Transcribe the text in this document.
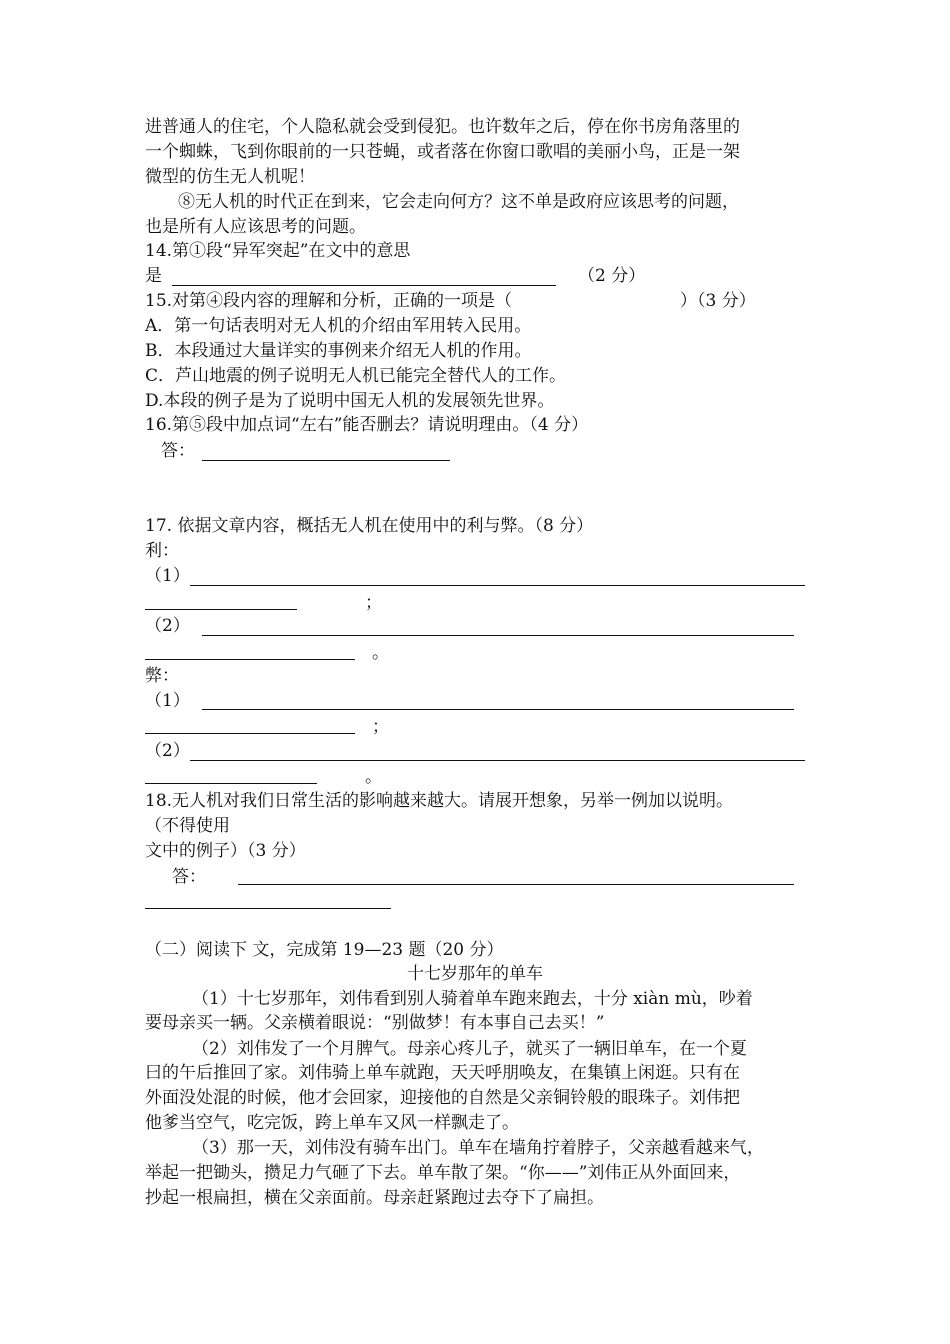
进普通人的住宅，个人隐私就会受到侵犯。也许数年之后，停在你书房角落里的
一个蜘蛛，飞到你眼前的一只苍蝇，或者落在你窗口歌唱的美丽小鸟，正是一架
微型的仿生无人机呢！
⑧无人机的时代正在到来，它会走向何方？这不单是政府应该思考的问题，
也是所有人应该思考的问题。
14.第①段“异军突起”在文中的意思
是	（2 分）
15.对第④段内容的理解和分析，正确的一项是（	）（3 分）
A．第一句话表明对无人机的介绍由军用转入民用。
B．本段通过大量详实的事例来介绍无人机的作用。
C．芦山地震的例子说明无人机已能完全替代人的工作。
D.本段的例子是为了说明中国无人机的发展领先世界。
16.第⑤段中加点词“左右”能否删去？请说明理由。（4 分）
答：
17. 依据文章内容，概括无人机在使用中的利与弊。（8 分）
利：
（1）
；
（2）
。
弊：
（1）
；
（2）
。
18.无人机对我们日常生活的影响越来越大。请展开想象，另举一例加以说明。
（不得使用
文中的例子）（3 分）
答：
（二）阅读下 文，完成第 19—23 题（20 分）
十七岁那年的单车
（1）十七岁那年，刘伟看到别人骑着单车跑来跑去，十分 xiàn mù，吵着
要母亲买一辆。父亲横着眼说：“别做梦！有本事自己去买！”
（2）刘伟发了一个月脾气。母亲心疼儿子，就买了一辆旧单车，在一个夏
曰的午后推回了家。刘伟骑上单车就跑，天天呼朋唤友，在集镇上闲逛。只有在
外面没处混的时候，他才会回家，迎接他的自然是父亲铜铃般的眼珠子。刘伟把
他爹当空气，吃完饭，跨上单车又风一样飘走了。
（3）那一天，刘伟没有骑车出门。单车在墙角拧着脖子，父亲越看越来气，
举起一把锄头，攒足力气砸了下去。单车散了架。“你——”刘伟正从外面回来，
抄起一根扁担，横在父亲面前。母亲赶紧跑过去夺下了扁担。
